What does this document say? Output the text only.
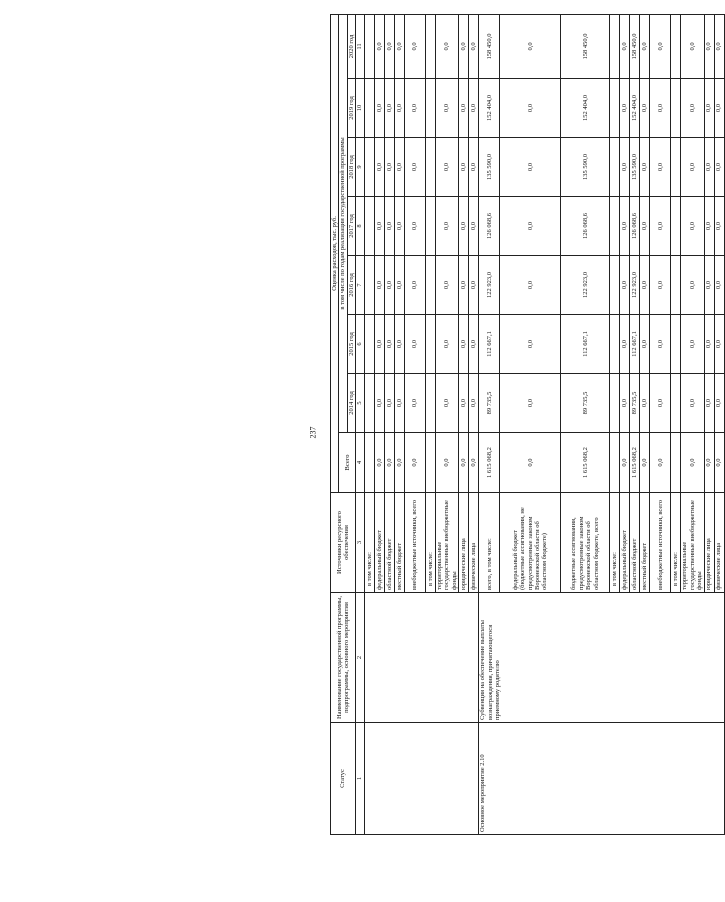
237
Статус	Наименование государственной программы, подпрограммы, основного мероприятия	Источники ресурсного обеспечения	Оценка расходов, тыс. руб.							
			Всего	в том числе по годам реализации государственной программы						
				2014 год	2015 год	2016 год	2017 год	2018 год	2019 год	2020 год
1	2	3	4	5	6	7	8	9	10	11
		в том числе:								
		федеральный бюджет	0,0	0,0	0,0	0,0	0,0	0,0	0,0	0,0
		областной бюджет	0,0	0,0	0,0	0,0	0,0	0,0	0,0	0,0
		местный бюджет	0,0	0,0	0,0	0,0	0,0	0,0	0,0	0,0
		внебюджетные источники, всего	0,0	0,0	0,0	0,0	0,0	0,0	0,0	0,0
		в том числе:								
		территориальные государственные внебюджетные фонды	0,0	0,0	0,0	0,0	0,0	0,0	0,0	0,0
		юридические лица	0,0	0,0	0,0	0,0	0,0	0,0	0,0	0,0
		физические лица	0,0	0,0	0,0	0,0	0,0	0,0	0,0	0,0
Основное мероприятие 2.10	Субвенция на обеспечение выплаты вознаграждения, причитающегося приемному родителю	всего, в том числе:	1 615 068,2	89 735,5	112 667,1	122 923,0	126 068,6	135 590,0	152 404,0	158 450,0
		федеральный бюджет (бюджетные ассигнования, не предусмотренные законом Воронежской области об областном бюджете)	0,0	0,0	0,0	0,0	0,0	0,0	0,0	0,0
		бюджетные ассигнования, предусмотренные законом Воронежской области об областном бюджете, всего	1 615 068,2	89 735,5	112 667,1	122 923,0	126 068,6	135 590,0	152 404,0	158 450,0
		в том числе:								
		федеральный бюджет	0,0	0,0	0,0	0,0	0,0	0,0	0,0	0,0
		областной бюджет	1 615 068,2	89 735,5	112 667,1	122 923,0	126 068,6	135 590,0	152 404,0	158 450,0
		местный бюджет	0,0	0,0	0,0	0,0	0,0	0,0	0,0	0,0
		внебюджетные источники, всего	0,0	0,0	0,0	0,0	0,0	0,0	0,0	0,0
		в том числе:								
		территориальные государственные внебюджетные фонды	0,0	0,0	0,0	0,0	0,0	0,0	0,0	0,0
		юридические лица	0,0	0,0	0,0	0,0	0,0	0,0	0,0	0,0
		физические лица	0,0	0,0	0,0	0,0	0,0	0,0	0,0	0,0
